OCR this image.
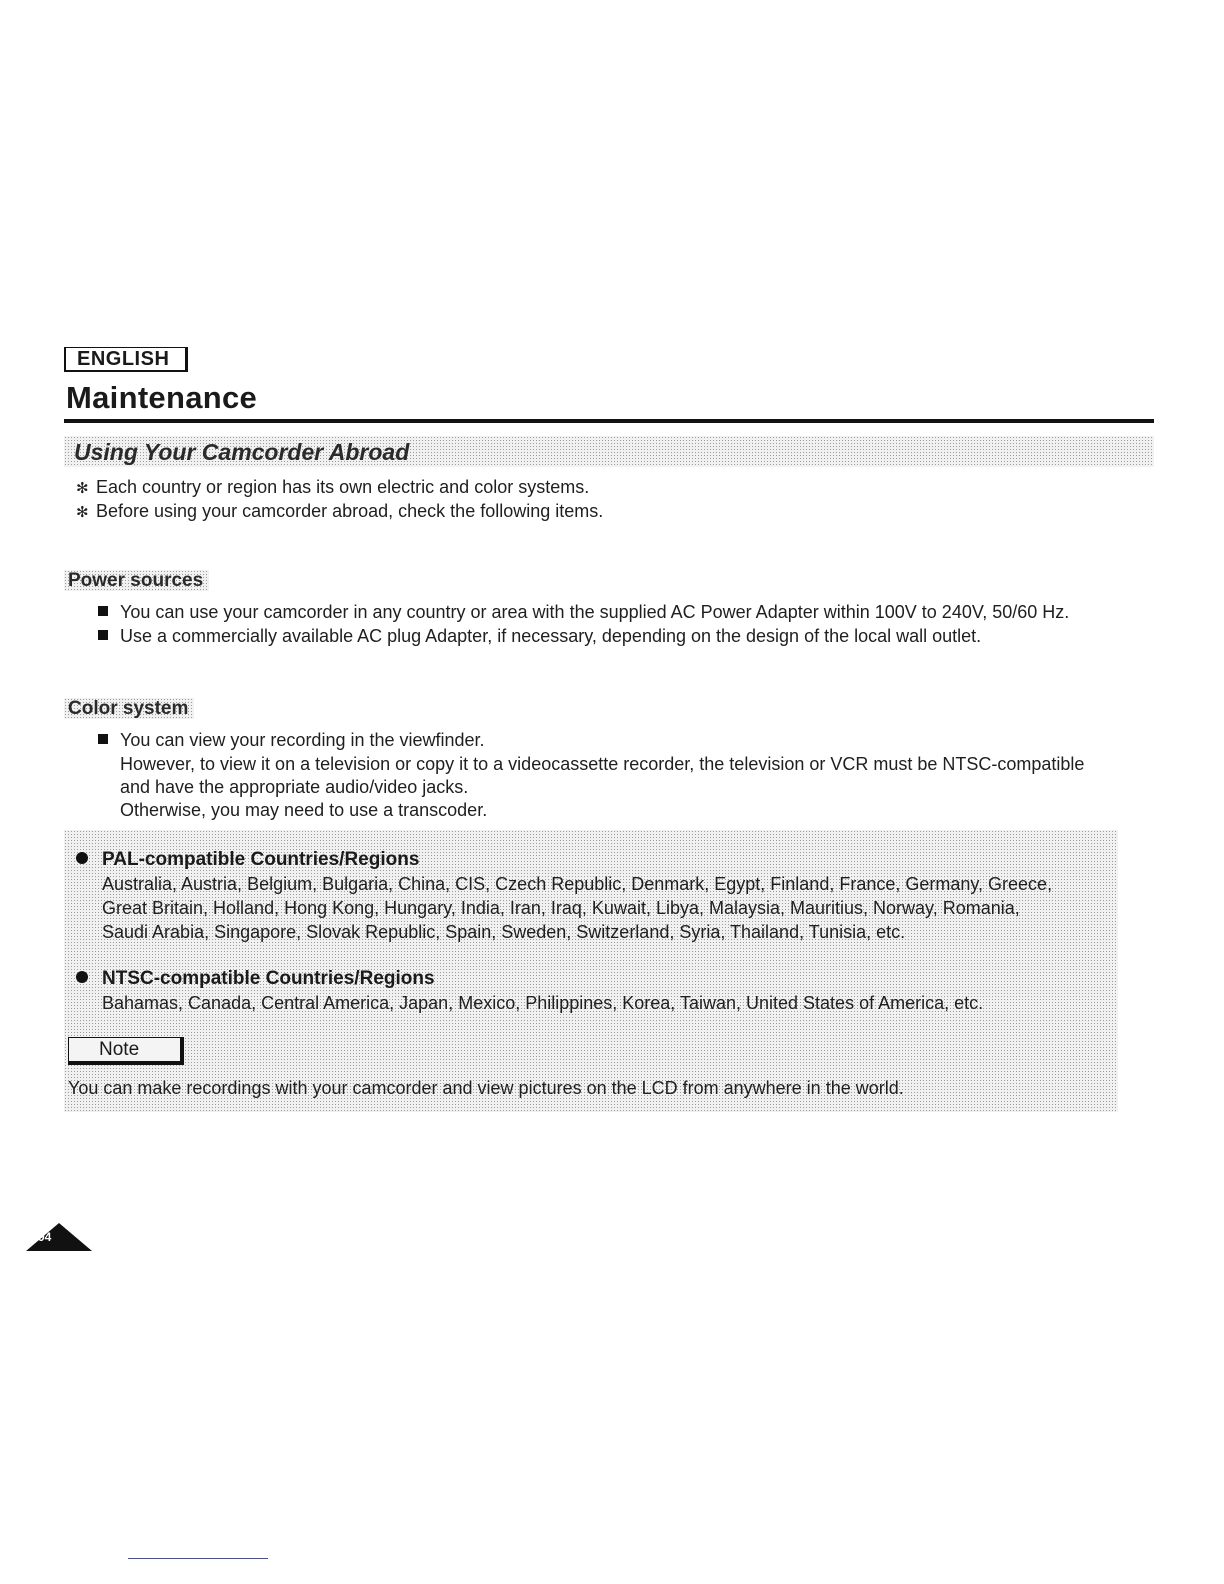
ENGLISH
Maintenance
Using Your Camcorder Abroad
✻ Each country or region has its own electric and color systems.
✻ Before using your camcorder abroad, check the following items.
Power sources
You can use your camcorder in any country or area with the supplied AC Power Adapter within 100V to 240V, 50/60 Hz.
Use a commercially available AC plug Adapter, if necessary, depending on the design of the local wall outlet.
Color system
You can view your recording in the viewfinder.
However, to view it on a television or copy it to a videocassette recorder, the television or VCR must be NTSC-compatible
and have the appropriate audio/video jacks.
Otherwise, you may need to use a transcoder.
PAL-compatible Countries/Regions
Australia, Austria, Belgium, Bulgaria, China, CIS, Czech Republic, Denmark, Egypt, Finland, France, Germany, Greece,
Great Britain, Holland, Hong Kong, Hungary, India, Iran, Iraq, Kuwait, Libya, Malaysia, Mauritius, Norway, Romania,
Saudi Arabia, Singapore, Slovak Republic, Spain, Sweden, Switzerland, Syria, Thailand, Tunisia, etc.
NTSC-compatible Countries/Regions
Bahamas, Canada, Central America, Japan, Mexico, Philippines, Korea, Taiwan, United States of America, etc.
Note
You can make recordings with your camcorder and view pictures on the LCD from anywhere in the world.
94
